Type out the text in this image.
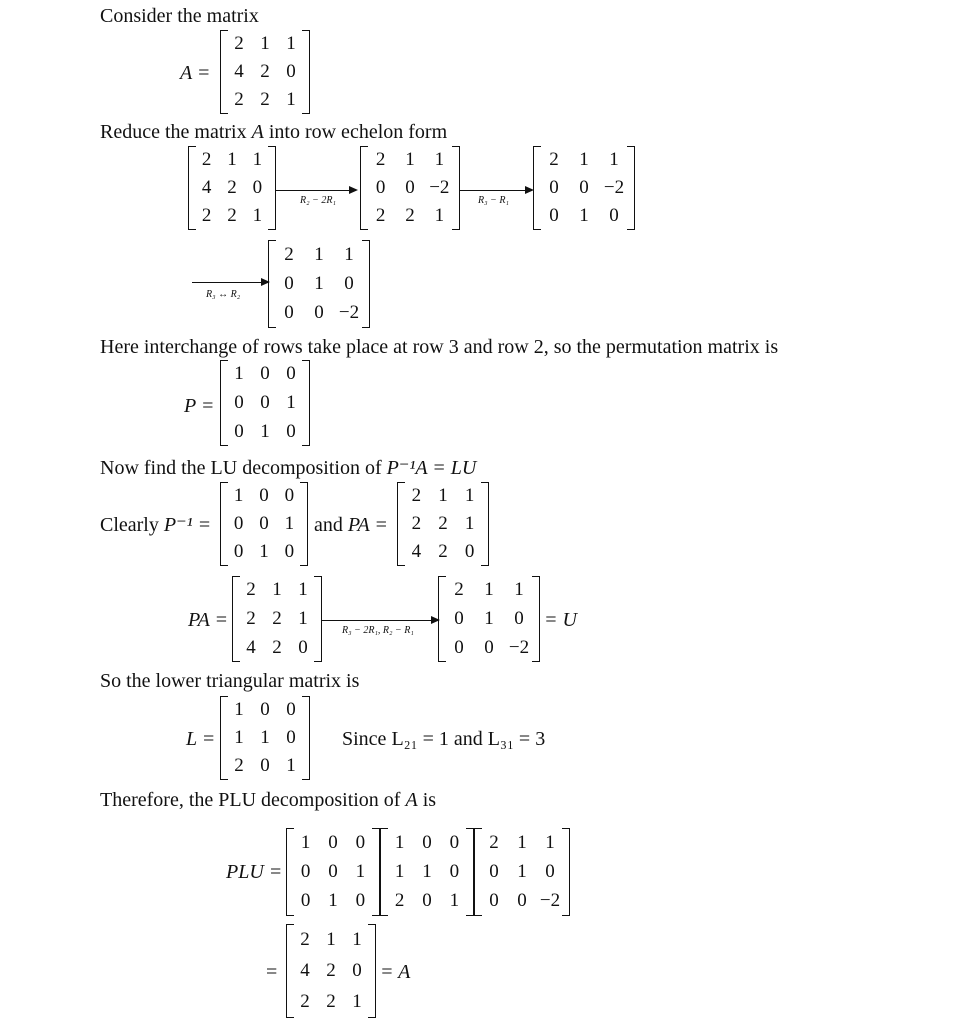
Consider the matrix
A =
2 1 1
4 2 0
2 2 1
Reduce the matrix A into row echelon form
2 1 1
4 2 0
2 2 1
R₂ − 2R₁
2	1	1
0	0 −2
2	2	1
R₃ − R₁
2	1	1
0	0 −2
0	1	0
R₃ ↔ R₂
2	1	1
0	1	0
0	0 −2
Here interchange of rows take place at row 3 and row 2, so the permutation matrix is
P =
1 0 0
0 0 1
0 1 0
Now find the LU decomposition of P⁻¹A = LU
Clearly P⁻¹ =
1 0 0
0 0 1
0 1 0
and PA =
2 1 1
2 2 1
4 2 0
PA =
2 1 1
2 2 1
4 2 0
R₃ − 2R₁, R₂ − R₁
2	1	1
0	1	0
0	0 −2
= U
So the lower triangular matrix is
L =
1 0 0
1 1 0
2 0 1
Since L₂₁ = 1 and L₃₁ = 3
Therefore, the PLU decomposition of A is
PLU =
1 0 0
0 0 1
0 1 0
1 0 0
1 1 0
2 0 1
2 1 1
0 1 0
0 0 −2
=
2 1 1
4 2 0
2 2 1
= A
